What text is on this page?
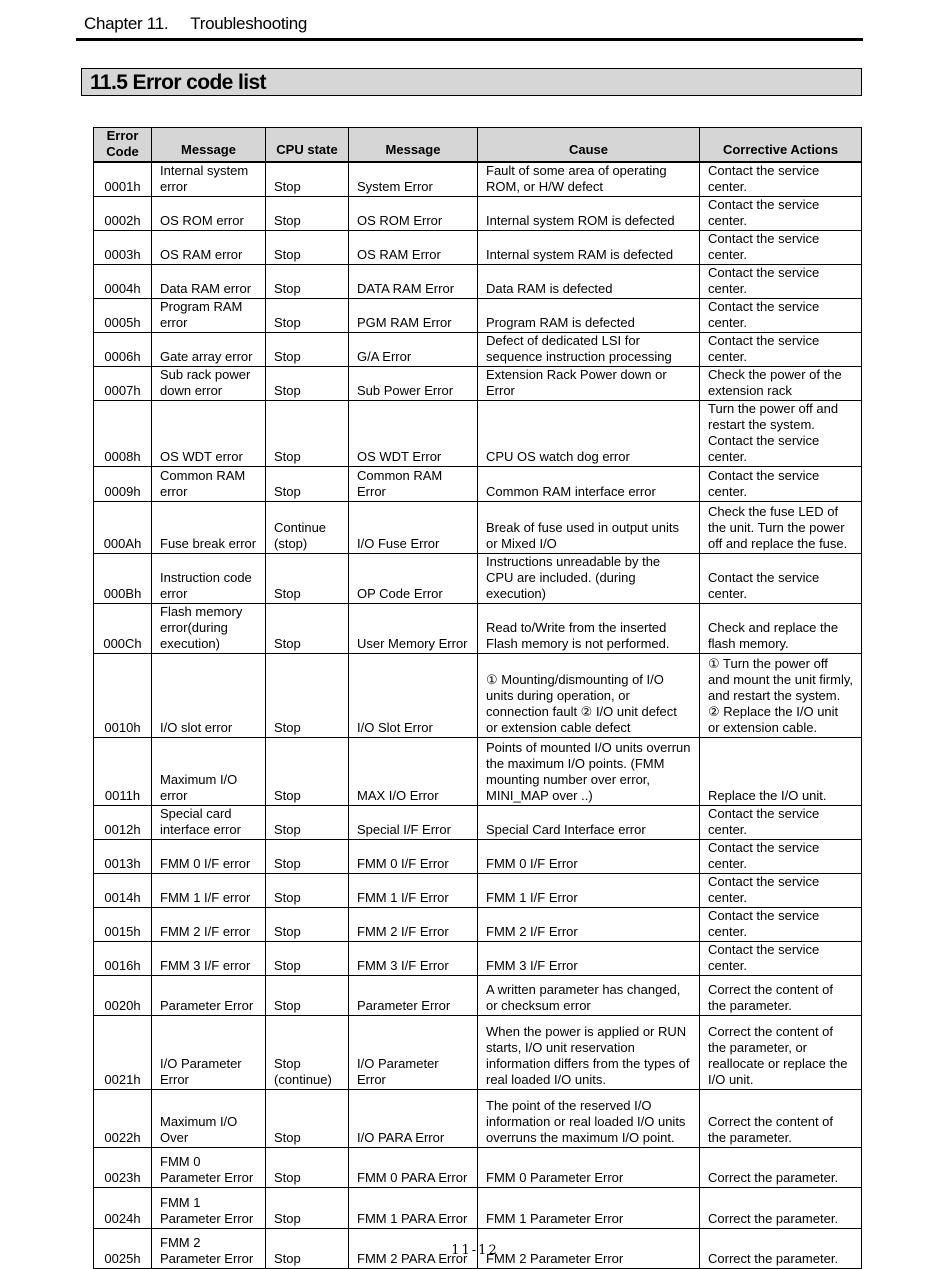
Chapter 11. Troubleshooting
11.5 Error code list
Error Code	Message	CPU state	Message	Cause	Corrective Actions
0001h	Internal system error	Stop	System Error	Fault of some area of operating ROM, or H/W defect	Contact the service center.
0002h	OS ROM error	Stop	OS ROM Error	Internal system ROM is defected	Contact the service center.
0003h	OS RAM error	Stop	OS RAM Error	Internal system RAM is defected	Contact the service center.
0004h	Data RAM error	Stop	DATA RAM Error	Data RAM is defected	Contact the service center.
0005h	Program RAM error	Stop	PGM RAM Error	Program RAM is defected	Contact the service center.
0006h	Gate array error	Stop	G/A Error	Defect of dedicated LSI for sequence instruction processing	Contact the service center.
0007h	Sub rack power down error	Stop	Sub Power Error	Extension Rack Power down or Error	Check the power of the extension rack
0008h	OS WDT error	Stop	OS WDT Error	CPU OS watch dog error	Turn the power off and restart the system. Contact the service center.
0009h	Common RAM error	Stop	Common RAM Error	Common RAM interface error	Contact the service center.
000Ah	Fuse break error	Continue (stop)	I/O Fuse Error	Break of fuse used in output units or Mixed I/O	Check the fuse LED of the unit. Turn the power off and replace the fuse.
000Bh	Instruction code error	Stop	OP Code Error	Instructions unreadable by the CPU are included. (during execution)	Contact the service center.
000Ch	Flash memory error(during execution)	Stop	User Memory Error	Read to/Write from the inserted Flash memory is not performed.	Check and replace the flash memory.
0010h	I/O slot error	Stop	I/O Slot Error	① Mounting/dismounting of I/O units during operation, or connection fault ② I/O unit defect or extension cable defect	① Turn the power off and mount the unit firmly, and restart the system. ② Replace the I/O unit or extension cable.
0011h	Maximum I/O error	Stop	MAX I/O Error	Points of mounted I/O units overrun the maximum I/O points. (FMM mounting number over error, MINI_MAP over ..)	Replace the I/O unit.
0012h	Special card interface error	Stop	Special I/F Error	Special Card Interface error	Contact the service center.
0013h	FMM 0 I/F error	Stop	FMM 0 I/F Error	FMM 0 I/F Error	Contact the service center.
0014h	FMM 1 I/F error	Stop	FMM 1 I/F Error	FMM 1 I/F Error	Contact the service center.
0015h	FMM 2 I/F error	Stop	FMM 2 I/F Error	FMM 2 I/F Error	Contact the service center.
0016h	FMM 3 I/F error	Stop	FMM 3 I/F Error	FMM 3 I/F Error	Contact the service center.
0020h	Parameter Error	Stop	Parameter Error	A written parameter has changed, or checksum error	Correct the content of the parameter.
0021h	I/O Parameter Error	Stop (continue)	I/O Parameter Error	When the power is applied or RUN starts, I/O unit reservation information differs from the types of real loaded I/O units.	Correct the content of the parameter, or reallocate or replace the I/O unit.
0022h	Maximum I/O Over	Stop	I/O PARA Error	The point of the reserved I/O information or real loaded I/O units overruns the maximum I/O point.	Correct the content of the parameter.
0023h	FMM 0 Parameter Error	Stop	FMM 0 PARA Error	FMM 0 Parameter Error	Correct the parameter.
0024h	FMM 1 Parameter Error	Stop	FMM 1 PARA Error	FMM 1 Parameter Error	Correct the parameter.
0025h	FMM 2 Parameter Error	Stop	FMM 2 PARA Error	FMM 2 Parameter Error	Correct the parameter.
11-12
